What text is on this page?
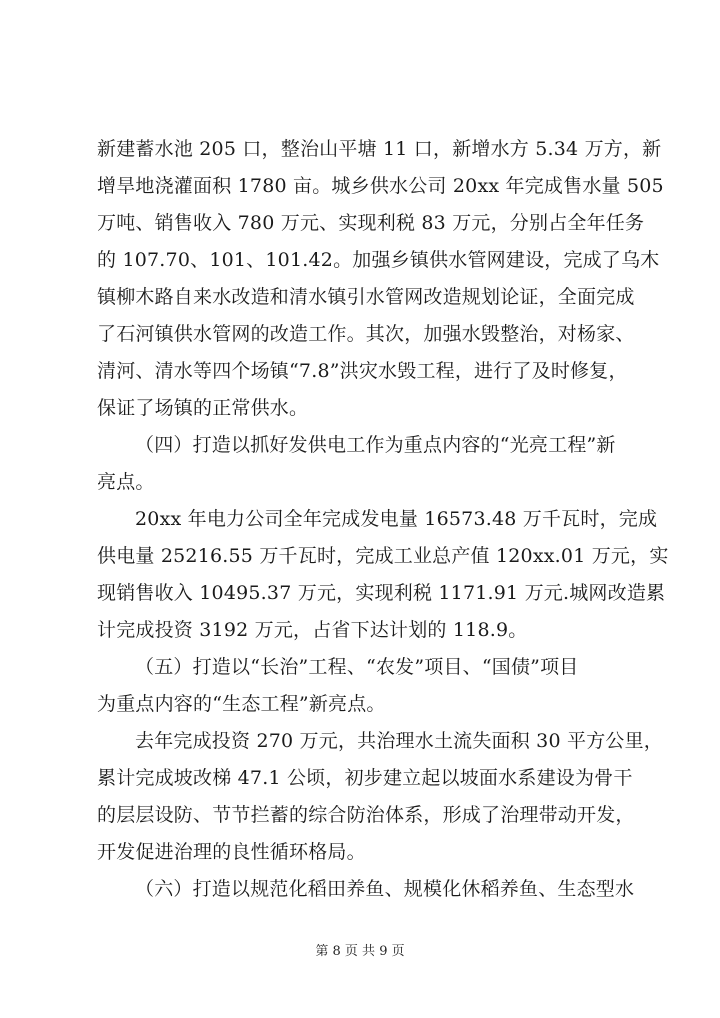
新建蓄水池 205 口，整治山平塘 11 口，新增水方 5.34 万方，新
增旱地浇灌面积 1780 亩。城乡供水公司 20xx 年完成售水量 505
万吨、销售收入 780 万元、实现利税 83 万元，分别占全年任务
的 107.70、101、101.42。加强乡镇供水管网建设，完成了乌木
镇柳木路自来水改造和清水镇引水管网改造规划论证，全面完成
了石河镇供水管网的改造工作。其次，加强水毁整治，对杨家、
清河、清水等四个场镇“7.8”洪灾水毁工程，进行了及时修复，
保证了场镇的正常供水。
（四）打造以抓好发供电工作为重点内容的“光亮工程”新
亮点。
20xx 年电力公司全年完成发电量 16573.48 万千瓦时，完成
供电量 25216.55 万千瓦时，完成工业总产值 120xx.01 万元，实
现销售收入 10495.37 万元，实现利税 1171.91 万元.城网改造累
计完成投资 3192 万元，占省下达计划的 118.9。
（五）打造以“长治”工程、“农发”项目、“国债”项目
为重点内容的“生态工程”新亮点。
去年完成投资 270 万元，共治理水土流失面积 30 平方公里，
累计完成坡改梯 47.1 公顷，初步建立起以坡面水系建设为骨干
的层层设防、节节拦蓄的综合防治体系，形成了治理带动开发，
开发促进治理的良性循环格局。
（六）打造以规范化稻田养鱼、规模化休稻养鱼、生态型水
第 8 页 共 9 页
